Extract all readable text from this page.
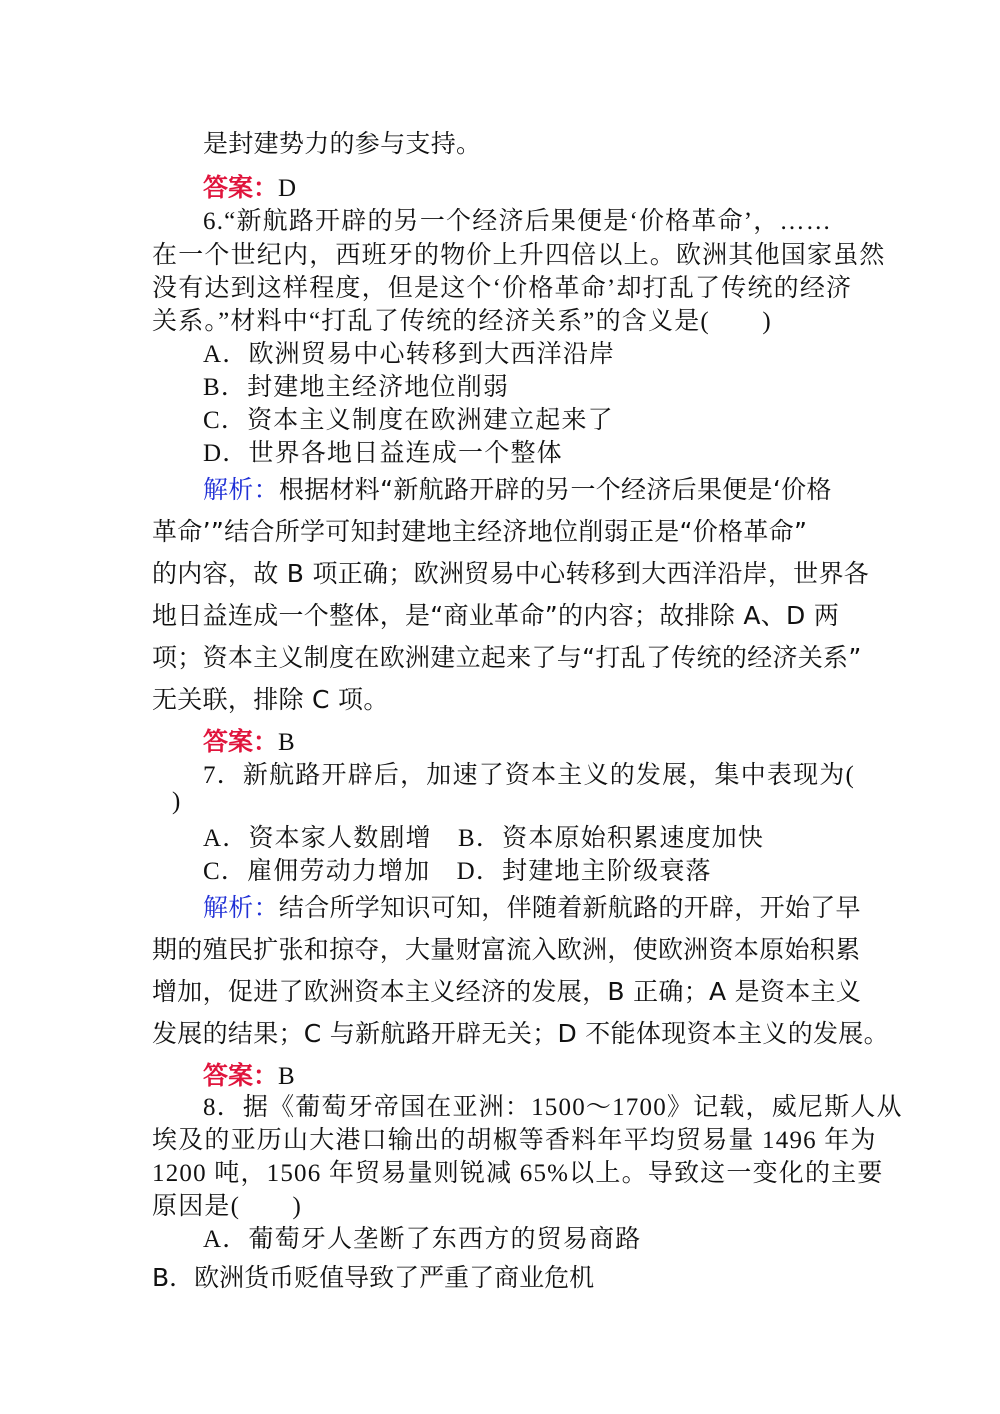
是封建势力的参与支持。
答案：D
6.“新航路开辟的另一个经济后果便是‘价格革命’，……
在一个世纪内，西班牙的物价上升四倍以上。欧洲其他国家虽然
没有达到这样程度，但是这个‘价格革命’却打乱了传统的经济
关系。”材料中“打乱了传统的经济关系”的含义是(　　)
A．欧洲贸易中心转移到大西洋沿岸
B．封建地主经济地位削弱
C．资本主义制度在欧洲建立起来了
D．世界各地日益连成一个整体
解析：根据材料“新航路开辟的另一个经济后果便是‘价格
革命’”结合所学可知封建地主经济地位削弱正是“价格革命”
的内容，故 B 项正确；欧洲贸易中心转移到大西洋沿岸，世界各
地日益连成一个整体，是“商业革命”的内容；故排除 A、D 两
项；资本主义制度在欧洲建立起来了与“打乱了传统的经济关系”
无关联，排除 C 项。
答案：B
7．新航路开辟后，加速了资本主义的发展，集中表现为(
)
A．资本家人数剧增　B．资本原始积累速度加快
C．雇佣劳动力增加　D．封建地主阶级衰落
解析：结合所学知识可知，伴随着新航路的开辟，开始了早
期的殖民扩张和掠夺，大量财富流入欧洲，使欧洲资本原始积累
增加，促进了欧洲资本主义经济的发展，B 正确；A 是资本主义
发展的结果；C 与新航路开辟无关；D 不能体现资本主义的发展。
答案：B
8．据《葡萄牙帝国在亚洲：1500～1700》记载，威尼斯人从
埃及的亚历山大港口输出的胡椒等香料年平均贸易量 1496 年为
1200 吨，1506 年贸易量则锐减 65%以上。导致这一变化的主要
原因是(　　)
A．葡萄牙人垄断了东西方的贸易商路
B．欧洲货币贬值导致了严重了商业危机
